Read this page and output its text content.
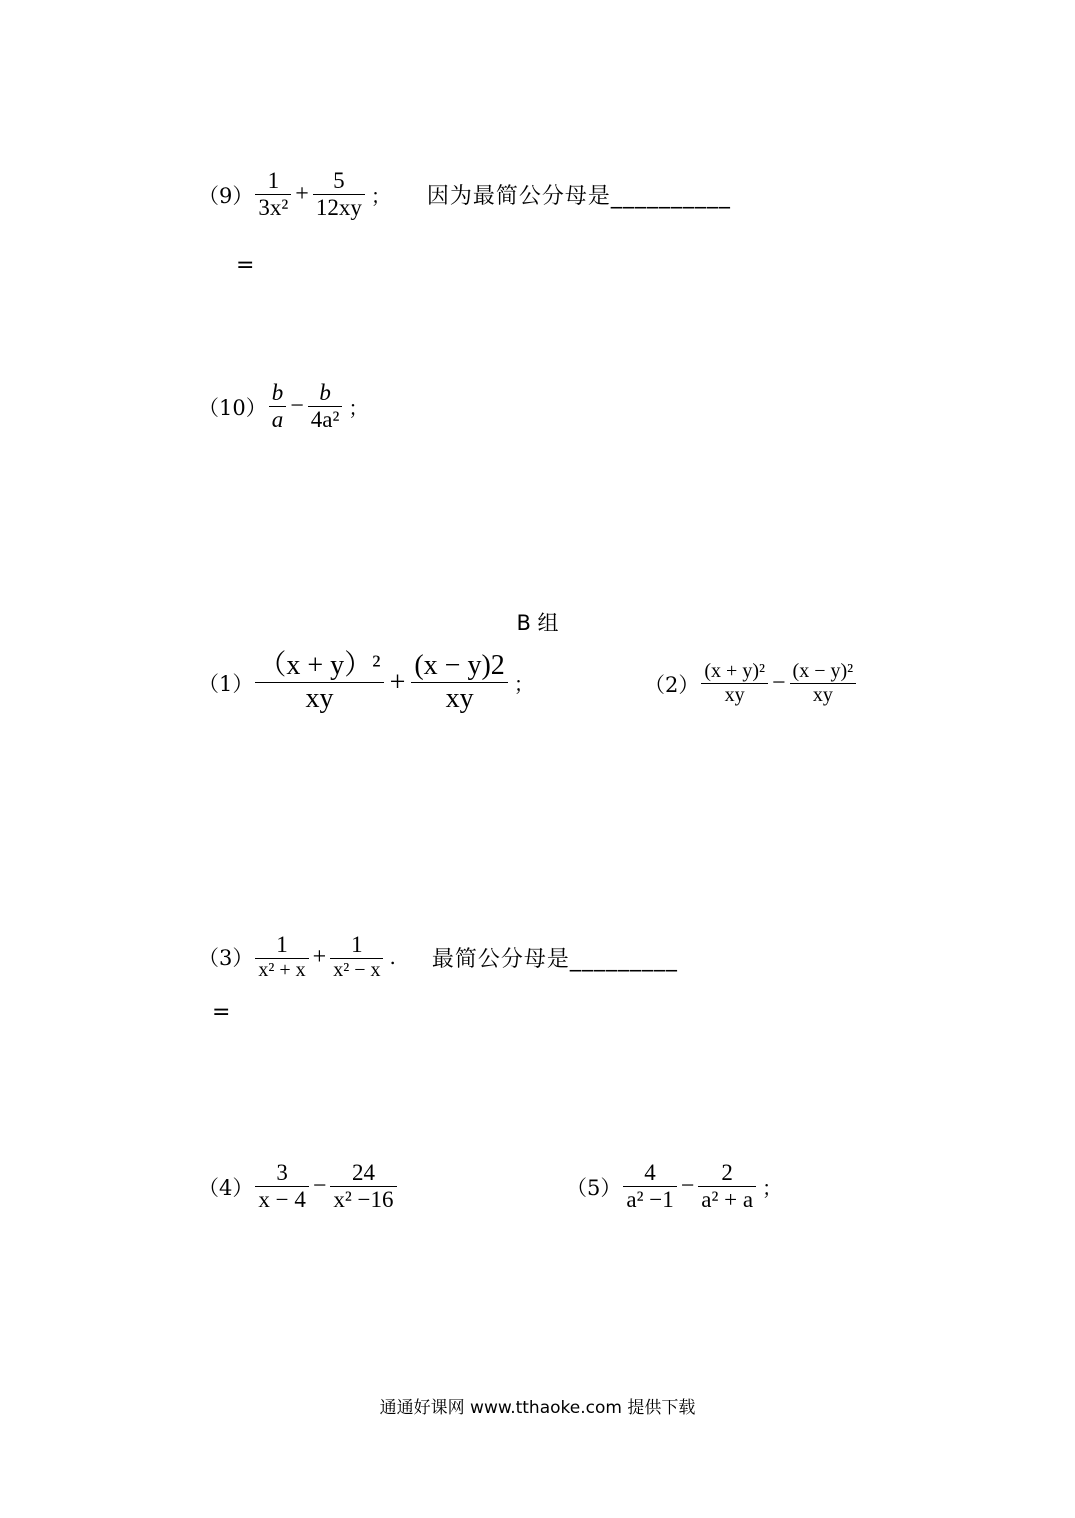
$(9) \frac{1}{\text{3x²}} + \frac{5}{12xy}$ ； 因为最简公分母是__________
=
$(10) \frac{b}{a} - \frac{b}{\text{4a²}}$ ；
B 组
$(1) \frac{\text{（x + y）²}}{xy} + \frac{(x - y)2}{xy}$ ；	$(2) \frac{\text{(x + y)²}}{xy} - \frac{\text{(x − y)²}}{xy}$
$(3) \frac{1}{\text{x² + x}} + \frac{1}{\text{x² − x}}$ . 最简公分母是_________
=
$(4) \frac{3}{x - 4} - \frac{24}{\text{x² −16}}$	$(5) \frac{4}{\text{a² −1}} - \frac{2}{\text{a² + a}}$ ；
通通好课网 www.tthaoke.com 提供下载
